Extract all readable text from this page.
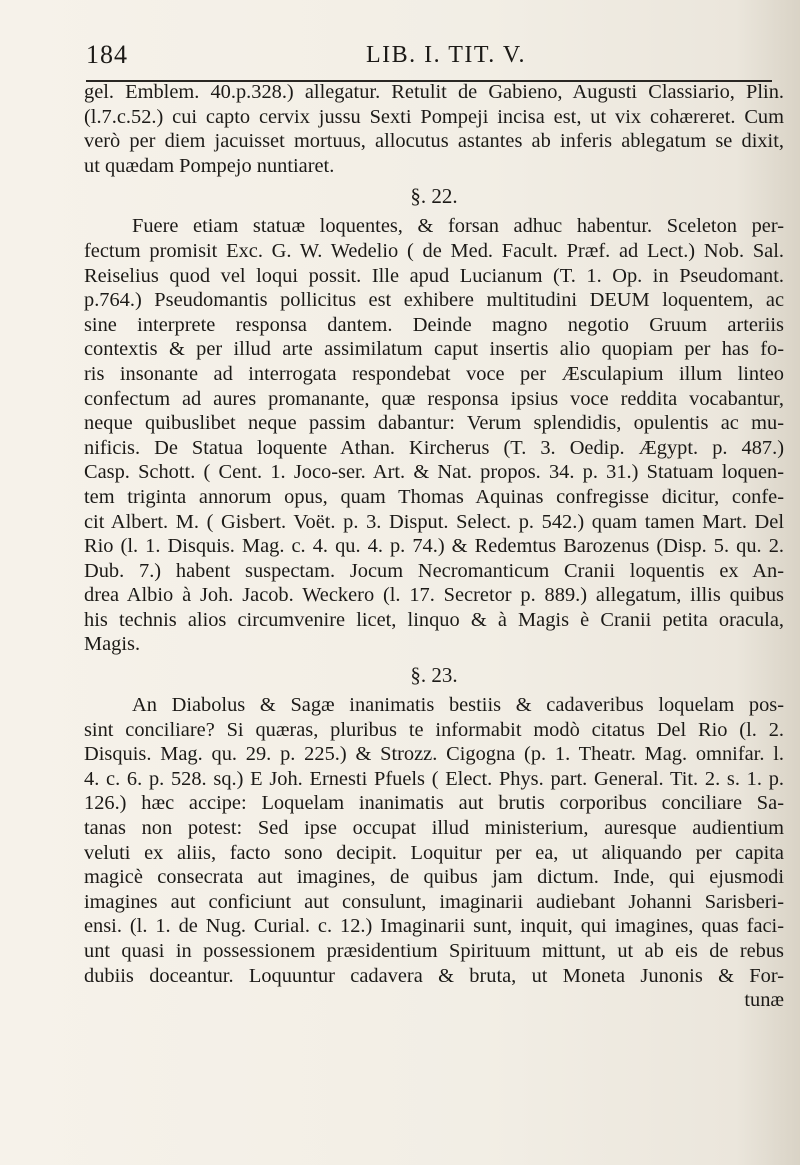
184	LIB. I. TIT. V.
gel. Emblem. 40.p.328.) allegatur. Retulit de Gabieno, Augusti Classiario, Plin.
(l.7.c.52.) cui capto cervix jussu Sexti Pompeji incisa est, ut vix cohæreret. Cum
verò per diem jacuisset mortuus, allocutus astantes ab inferis ablegatum se dixit,
ut quædam Pompejo nuntiaret.
§. 22.
Fuere etiam statuæ loquentes, & forsan adhuc habentur. Sceleton per-
fectum promisit Exc. G. W. Wedelio ( de Med. Facult. Præf. ad Lect.) Nob. Sal.
Reiselius quod vel loqui possit. Ille apud Lucianum (T. 1. Op. in Pseudomant.
p.764.) Pseudomantis pollicitus est exhibere multitudini DEUM loquentem, ac
sine interprete responsa dantem. Deinde magno negotio Gruum arteriis
contextis & per illud arte assimilatum caput insertis alio quopiam per has fo-
ris insonante ad interrogata respondebat voce per Æsculapium illum linteo
confectum ad aures promanante, quæ responsa ipsius voce reddita vocabantur,
neque quibuslibet neque passim dabantur: Verum splendidis, opulentis ac mu-
nificis. De Statua loquente Athan. Kircherus (T. 3. Oedip. Ægypt. p. 487.)
Casp. Schott. ( Cent. 1. Joco-ser. Art. & Nat. propos. 34. p. 31.) Statuam loquen-
tem triginta annorum opus, quam Thomas Aquinas confregisse dicitur, confe-
cit Albert. M. ( Gisbert. Voët. p. 3. Disput. Select. p. 542.) quam tamen Mart. Del
Rio (l. 1. Disquis. Mag. c. 4. qu. 4. p. 74.) & Redemtus Barozenus (Disp. 5. qu. 2.
Dub. 7.) habent suspectam. Jocum Necromanticum Cranii loquentis ex An-
drea Albio à Joh. Jacob. Weckero (l. 17. Secretor p. 889.) allegatum, illis quibus
his technis alios circumvenire licet, linquo & à Magis è Cranii petita oracula,
Magis.
§. 23.
An Diabolus & Sagæ inanimatis bestiis & cadaveribus loquelam pos-
sint conciliare? Si quæras, pluribus te informabit modò citatus Del Rio (l. 2.
Disquis. Mag. qu. 29. p. 225.) & Strozz. Cigogna (p. 1. Theatr. Mag. omnifar. l.
4. c. 6. p. 528. sq.) E Joh. Ernesti Pfuels ( Elect. Phys. part. General. Tit. 2. s. 1. p.
126.) hæc accipe: Loquelam inanimatis aut brutis corporibus conciliare Sa-
tanas non potest: Sed ipse occupat illud ministerium, auresque audientium
veluti ex aliis, facto sono decipit. Loquitur per ea, ut aliquando per capita
magicè consecrata aut imagines, de quibus jam dictum. Inde, qui ejusmodi
imagines aut conficiunt aut consulunt, imaginarii audiebant Johanni Sarisberi-
ensi. (l. 1. de Nug. Curial. c. 12.) Imaginarii sunt, inquit, qui imagines, quas faci-
unt quasi in possessionem præsidentium Spirituum mittunt, ut ab eis de rebus
dubiis doceantur. Loquuntur cadavera & bruta, ut Moneta Junonis & For-
tunæ
